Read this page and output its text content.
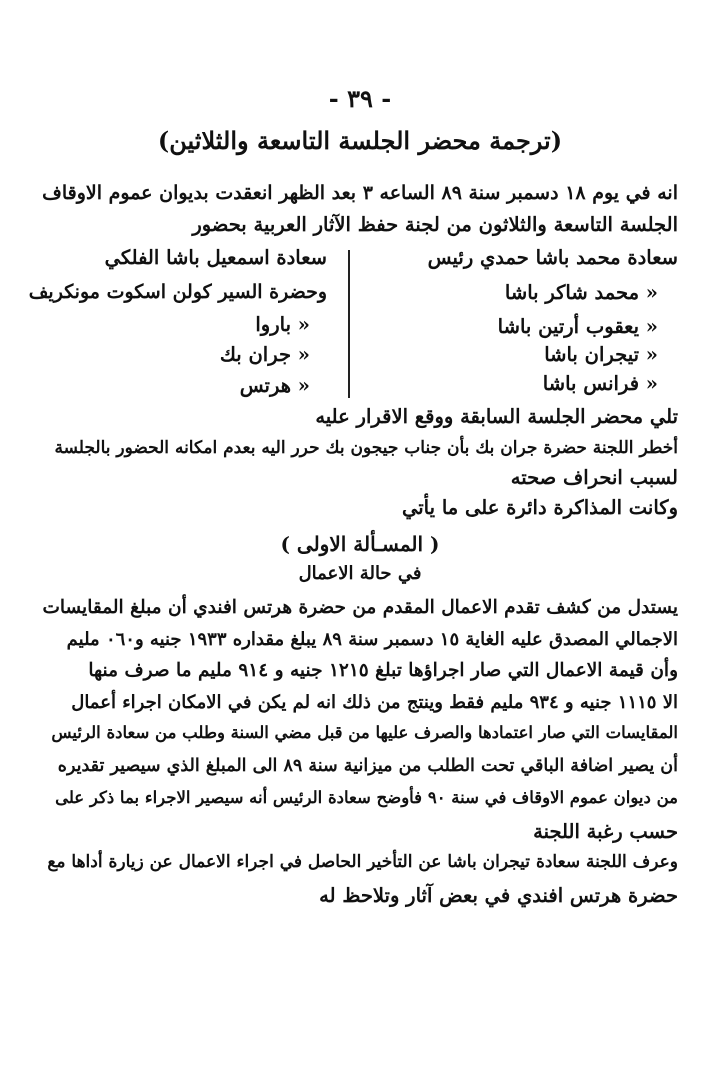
- ٣٩ -
(ترجمة محضر الجلسة التاسعة والثلاثين)
انه في يوم ١٨ دسمبر سنة ٨٩ الساعه ٣ بعد الظهر انعقدت بديوان عموم الاوقاف
الجلسة التاسعة والثلاثون من لجنة حفظ الآثار العربية بحضور
سعادة محمد باشا حمدي رئيس
« محمد شاكر باشا
« يعقوب أرتين باشا
« تيجران باشا
« فرانس باشا
سعادة اسمعيل باشا الفلكي
وحضرة السير كولن اسكوت مونكريف
« باروا
« جران بك
« هرتس
تلي محضر الجلسة السابقة ووقع الاقرار عليه
أخطر اللجنة حضرة جران بك بأن جناب جيجون بك حرر اليه بعدم امكانه الحضور بالجلسة
لسبب انحراف صحته
وكانت المذاكرة دائرة على ما يأتي
( المسـألة الاولى )
في حالة الاعمال
يستدل من كشف تقدم الاعمال المقدم من حضرة هرتس افندي أن مبلغ المقايسات
الاجمالي المصدق عليه الغاية ١٥ دسمبر سنة ٨٩ يبلغ مقداره ١٩٣٣ جنيه و٠٦٠ مليم
وأن قيمة الاعمال التي صار اجراؤها تبلغ ١٢١٥ جنيه و ٩١٤ مليم ما صرف منها
الا ١١١٥ جنيه و ٩٣٤ مليم فقط وينتج من ذلك انه لم يكن في الامكان اجراء أعمال
المقايسات التي صار اعتمادها والصرف عليها من قبل مضي السنة وطلب من سعادة الرئيس
أن يصير اضافة الباقي تحت الطلب من ميزانية سنة ٨٩ الى المبلغ الذي سيصير تقديره
من ديوان عموم الاوقاف في سنة ٩٠ فأوضح سعادة الرئيس أنه سيصير الاجراء بما ذكر على
حسب رغبة اللجنة
وعرف اللجنة سعادة تيجران باشا عن التأخير الحاصل في اجراء الاعمال عن زيارة أداها مع
حضرة هرتس افندي في بعض آثار وتلاحظ له
